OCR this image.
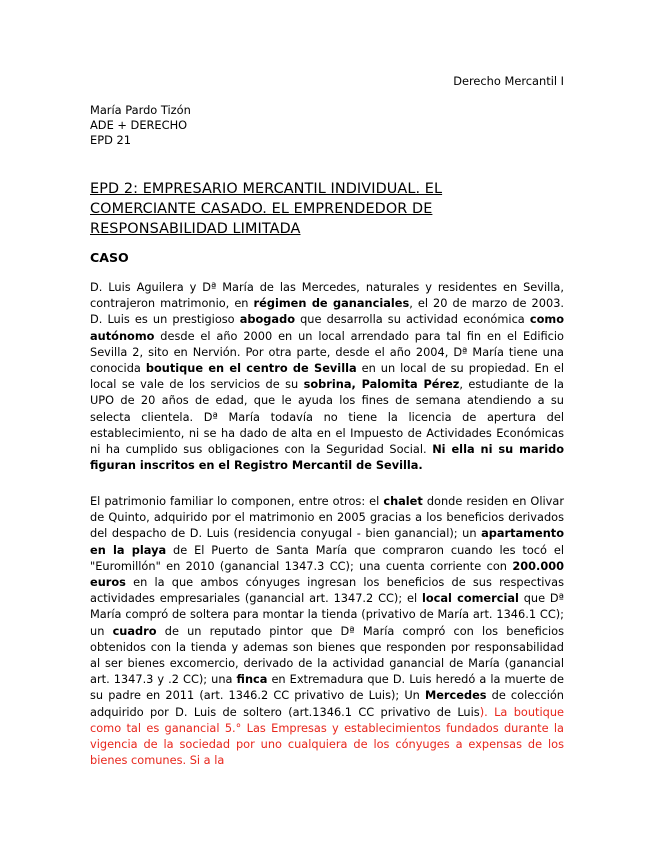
Derecho Mercantil I
María Pardo Tizón
ADE + DERECHO
EPD 21
EPD 2: EMPRESARIO MERCANTIL INDIVIDUAL. EL COMERCIANTE CASADO. EL EMPRENDEDOR DE RESPONSABILIDAD LIMITADA
CASO
D. Luis Aguilera y Dª María de las Mercedes, naturales y residentes en Sevilla, contrajeron matrimonio, en régimen de gananciales, el 20 de marzo de 2003. D. Luis es un prestigioso abogado que desarrolla su actividad económica como autónomo desde el año 2000 en un local arrendado para tal fin en el Edificio Sevilla 2, sito en Nervión. Por otra parte, desde el año 2004, Dª María tiene una conocida boutique en el centro de Sevilla en un local de su propiedad. En el local se vale de los servicios de su sobrina, Palomita Pérez, estudiante de la UPO de 20 años de edad, que le ayuda los fines de semana atendiendo a su selecta clientela. Dª María todavía no tiene la licencia de apertura del establecimiento, ni se ha dado de alta en el Impuesto de Actividades Económicas ni ha cumplido sus obligaciones con la Seguridad Social. Ni ella ni su marido figuran inscritos en el Registro Mercantil de Sevilla.
El patrimonio familiar lo componen, entre otros: el chalet donde residen en Olivar de Quinto, adquirido por el matrimonio en 2005 gracias a los beneficios derivados del despacho de D. Luis (residencia conyugal - bien ganancial); un apartamento en la playa de El Puerto de Santa María que compraron cuando les tocó el "Euromillón" en 2010 (ganancial 1347.3 CC); una cuenta corriente con 200.000 euros en la que ambos cónyuges ingresan los beneficios de sus respectivas actividades empresariales (ganancial art. 1347.2 CC); el local comercial que Dª María compró de soltera para montar la tienda (privativo de María art. 1346.1 CC); un cuadro de un reputado pintor que Dª María compró con los beneficios obtenidos con la tienda y ademas son bienes que responden por responsabilidad al ser bienes excomercio, derivado de la actividad ganancial de María (ganancial art. 1347.3 y .2 CC); una finca en Extremadura que D. Luis heredó a la muerte de su padre en 2011 (art. 1346.2 CC privativo de Luis); Un Mercedes de colección adquirido por D. Luis de soltero (art.1346.1 CC privativo de Luis). La boutique como tal es ganancial 5.° Las Empresas y establecimientos fundados durante la vigencia de la sociedad por uno cualquiera de los cónyuges a expensas de los bienes comunes. Si a la
